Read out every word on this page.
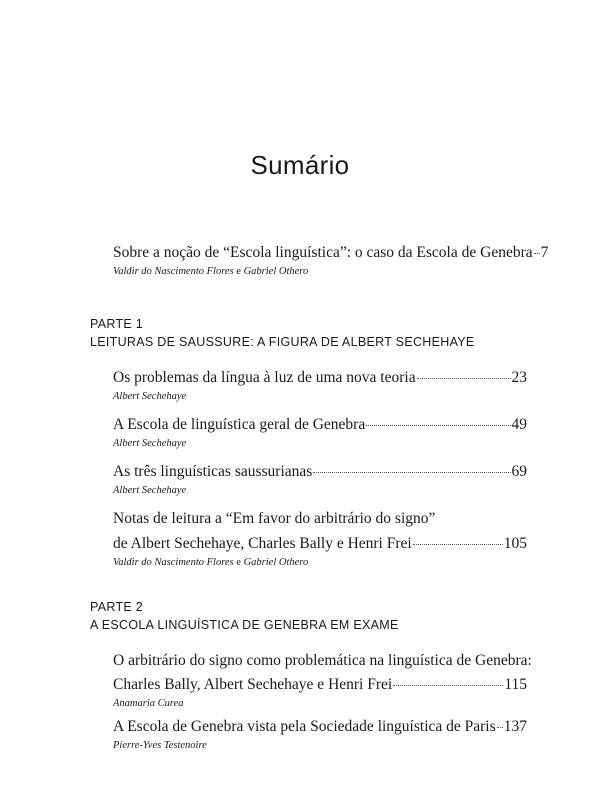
Sumário
Sobre a noção de “Escola linguística”: o caso da Escola de Genebra 7
Valdir do Nascimento Flores e Gabriel Othero
PARTE 1
LEITURAS DE SAUSSURE: A FIGURA DE ALBERT SECHEHAYE
Os problemas da língua à luz de uma nova teoria	23
Albert Sechehaye
A Escola de linguística geral de Genebra	49
Albert Sechehaye
As três linguísticas saussurianas	69
Albert Sechehaye
Notas de leitura a “Em favor do arbitrário do signo”
de Albert Sechehaye, Charles Bally e Henri Frei	105
Valdir do Nascimento Flores e Gabriel Othero
PARTE 2
A ESCOLA LINGUÍSTICA DE GENEBRA EM EXAME
O arbitrário do signo como problemática na linguística de Genebra:
Charles Bally, Albert Sechehaye e Henri Frei	115
Anamaria Curea
A Escola de Genebra vista pela Sociedade linguística de Paris 137
Pierre-Yves Testenoire
